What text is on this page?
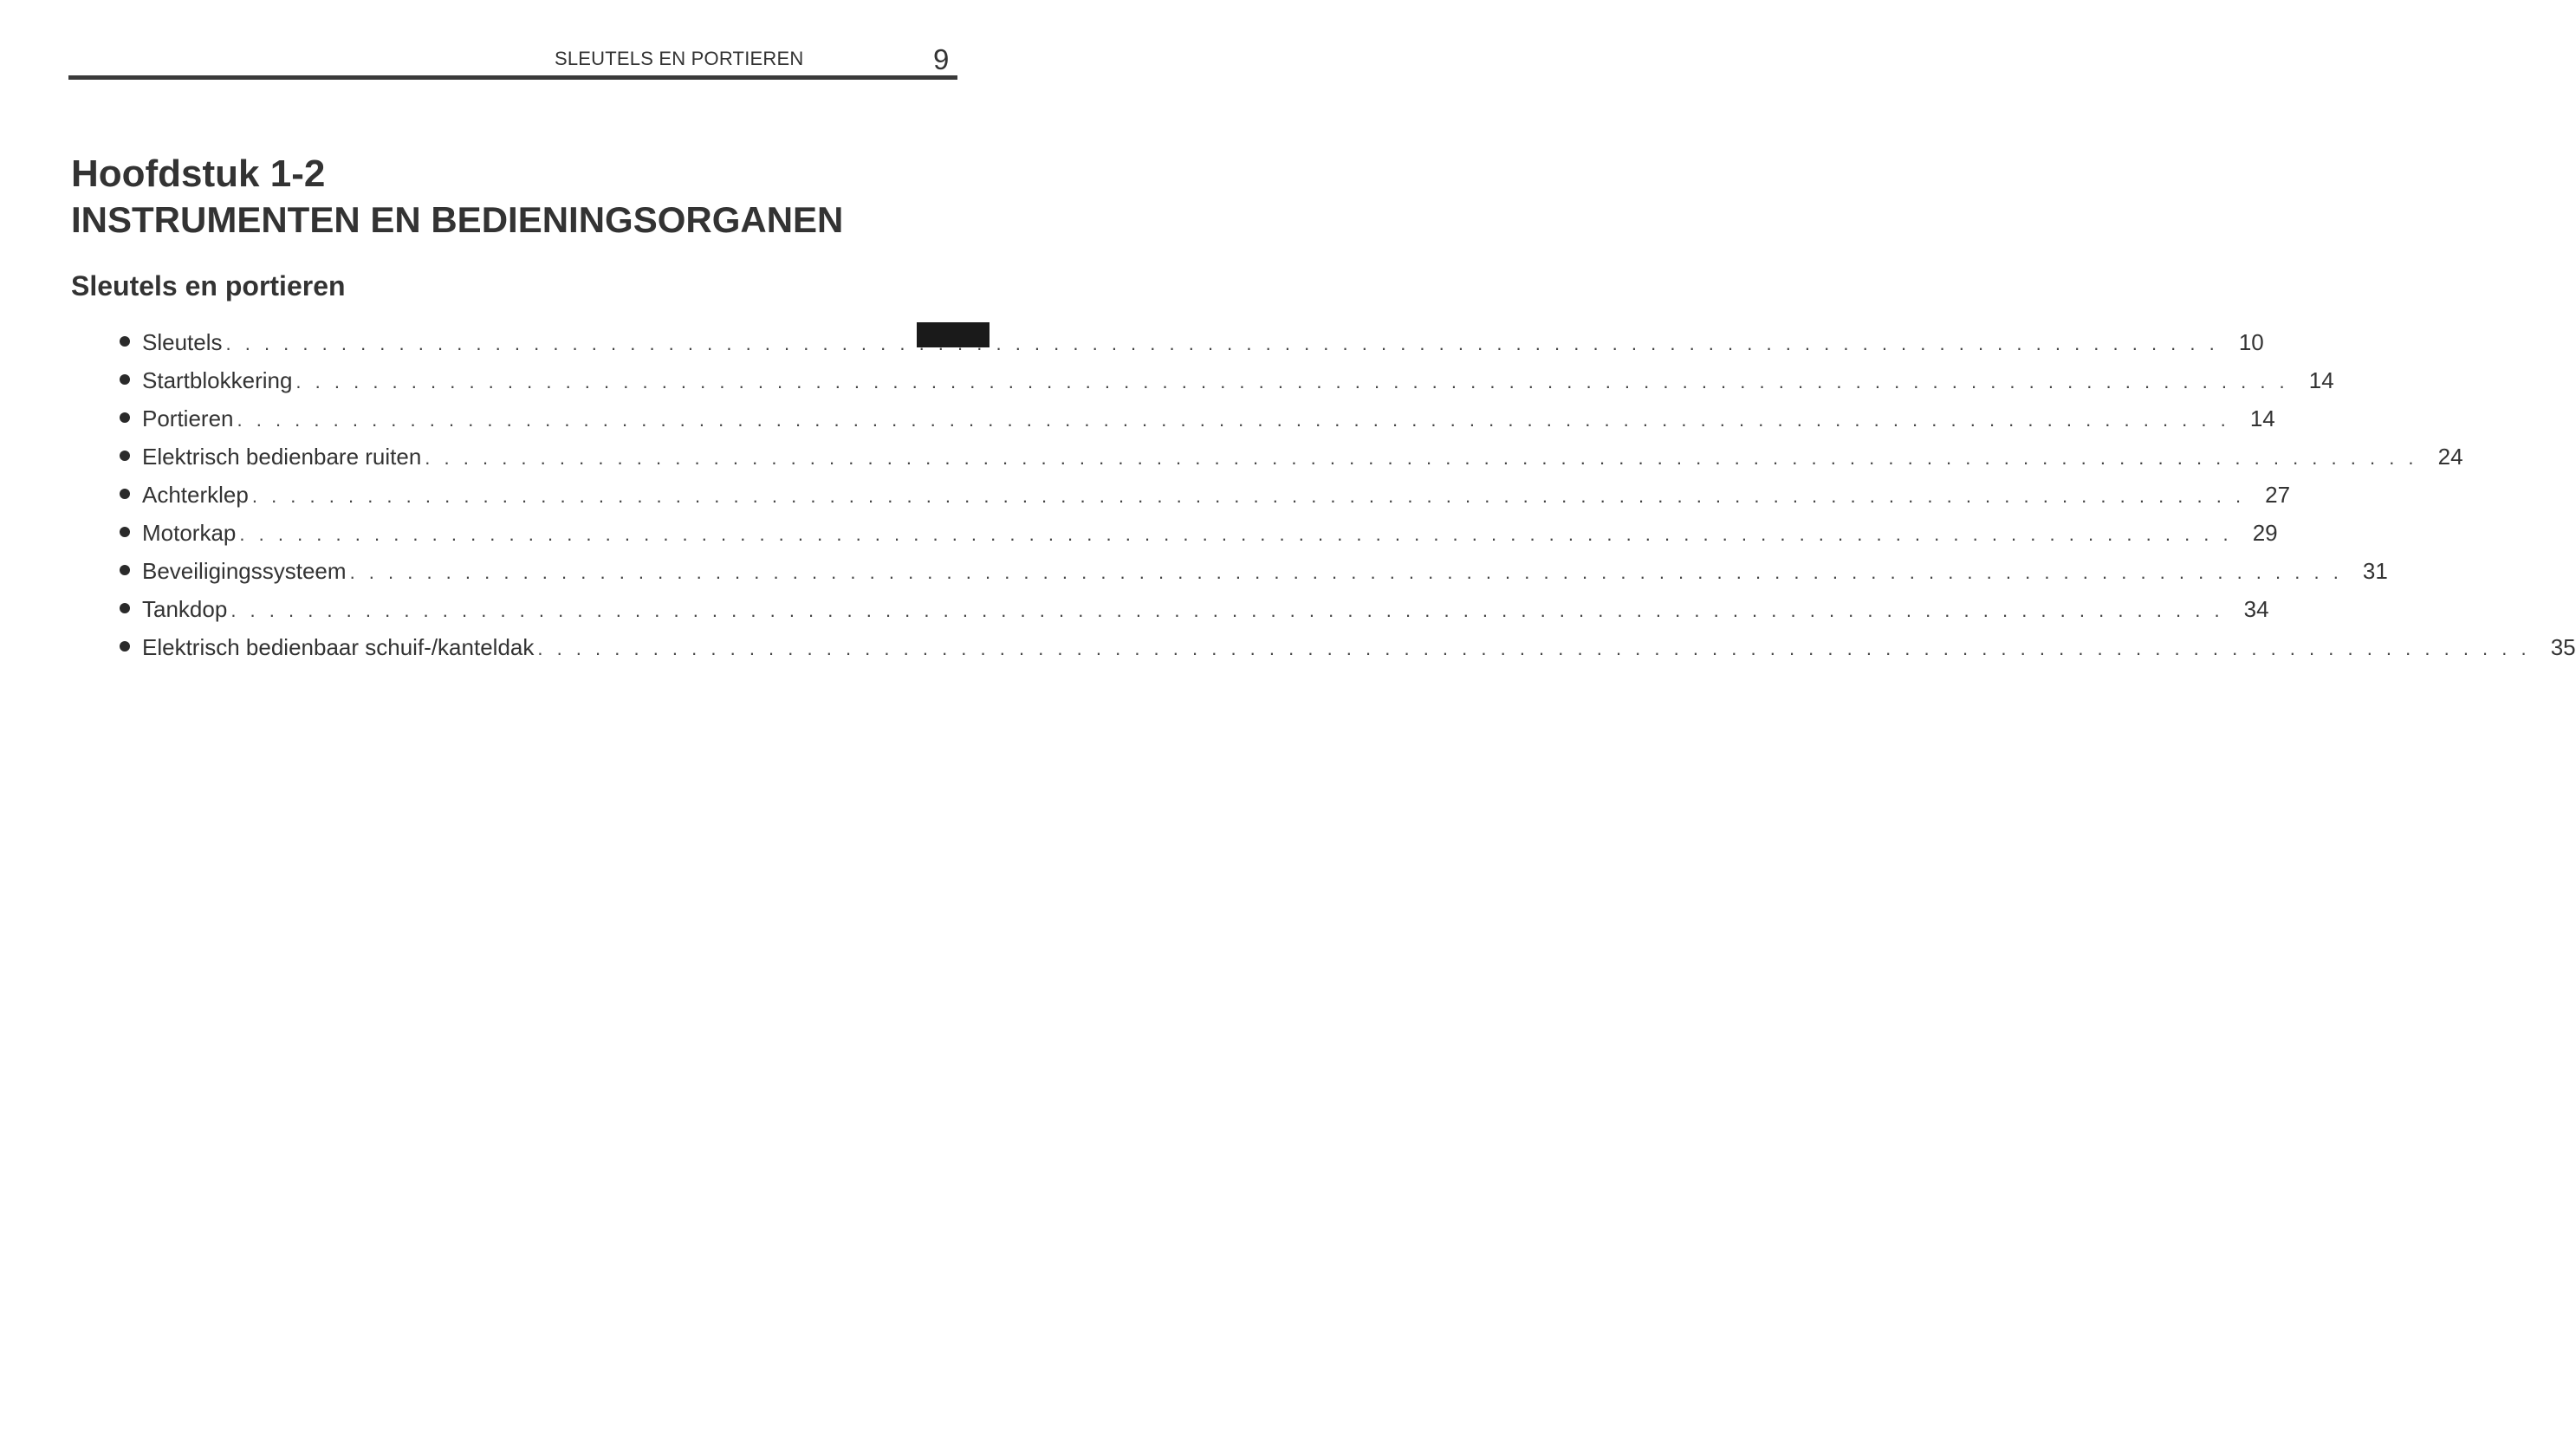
SLEUTELS EN PORTIEREN	9
Hoofdstuk 1-2
INSTRUMENTEN EN BEDIENINGSORGANEN
Sleutels en portieren
Sleutels . . . . . . . . . . . . . . . . . . . . . . . . . . . . . . . . . . . . . . . . . . . . . . . . . . . . . . . . . . . . . . . . . . . . . . . . . . . . . . . . . . . . . . . . . . . . . . . . . . . . . . . . 10
Startblokkering . . . . . . . . . . . . . . . . . . . . . . . . . . . . . . . . . . . . . . . . . . . . . . . . . . . . . . . . . . . . . . . . . . . . . . . . . . . . . . . . . . . . . . . . . . . . . . . . . . . . . . . . 14
Portieren . . . . . . . . . . . . . . . . . . . . . . . . . . . . . . . . . . . . . . . . . . . . . . . . . . . . . . . . . . . . . . . . . . . . . . . . . . . . . . . . . . . . . . . . . . . . . . . . . . . . . . . . 14
Elektrisch bedienbare ruiten . . . . . . . . . . . . . . . . . . . . . . . . . . . . . . . . . . . . . . . . . . . . . . . . . . . . . . . . . . . . . . . . . . . . . . . . . . . . . . . . . . . . . . . . . . . . . . . . . . . . . . . . 24
Achterklep . . . . . . . . . . . . . . . . . . . . . . . . . . . . . . . . . . . . . . . . . . . . . . . . . . . . . . . . . . . . . . . . . . . . . . . . . . . . . . . . . . . . . . . . . . . . . . . . . . . . . . . . 27
Motorkap . . . . . . . . . . . . . . . . . . . . . . . . . . . . . . . . . . . . . . . . . . . . . . . . . . . . . . . . . . . . . . . . . . . . . . . . . . . . . . . . . . . . . . . . . . . . . . . . . . . . . . . . 29
Beveiligingssysteem . . . . . . . . . . . . . . . . . . . . . . . . . . . . . . . . . . . . . . . . . . . . . . . . . . . . . . . . . . . . . . . . . . . . . . . . . . . . . . . . . . . . . . . . . . . . . . . . . . . . . . . . 31
Tankdop . . . . . . . . . . . . . . . . . . . . . . . . . . . . . . . . . . . . . . . . . . . . . . . . . . . . . . . . . . . . . . . . . . . . . . . . . . . . . . . . . . . . . . . . . . . . . . . . . . . . . . . . 34
Elektrisch bedienbaar schuif-/kanteldak . . . . . . . . . . . . . . . . . . . . . . . . . . . . . . . . . . . . . . . . . . . . . . . . . . . . . . . . . . . . . . . . . . . . . . . . . . . . . . . . . . . . . . . . . . . . . . . . . . . . . . . . 35
